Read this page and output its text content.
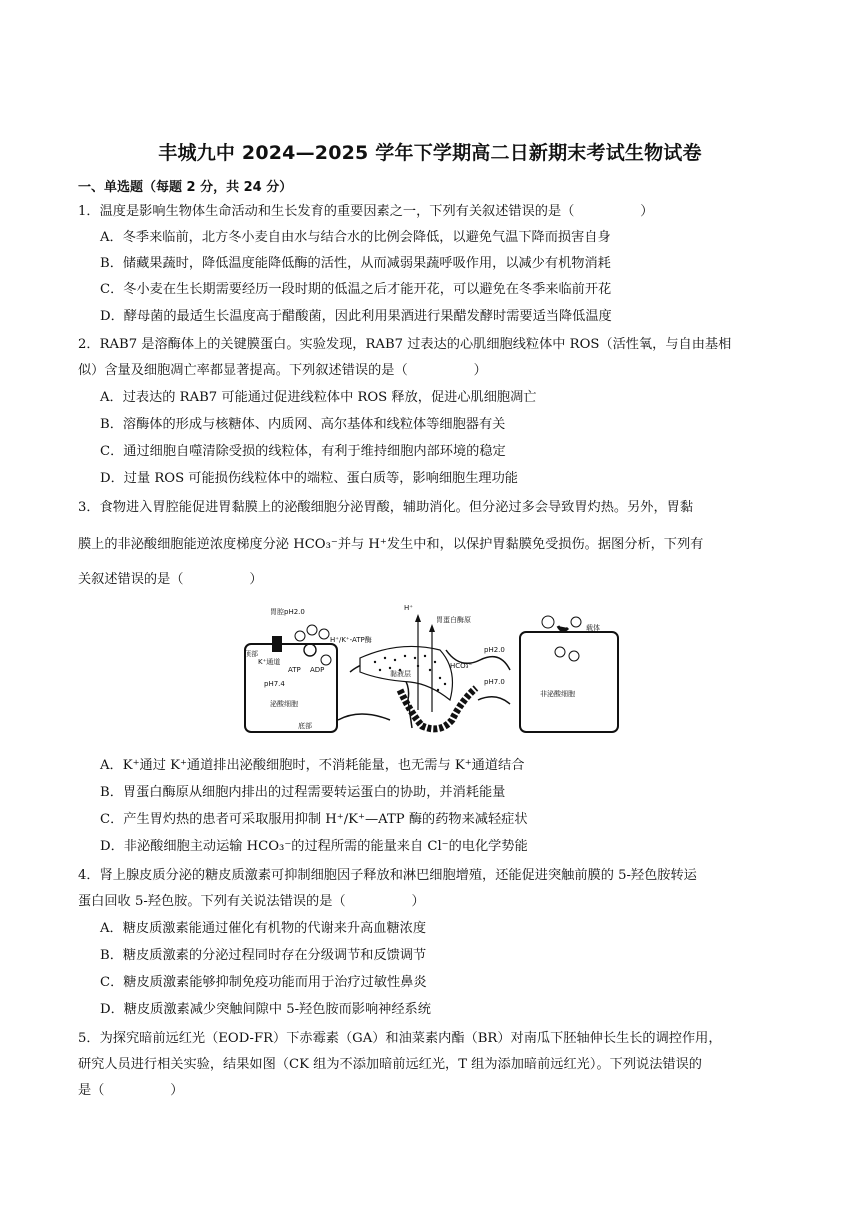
丰城九中 2024—2025 学年下学期高二日新期末考试生物试卷
一、单选题（每题 2 分，共 24 分）
1．温度是影响生物体生命活动和生长发育的重要因素之一，下列有关叙述错误的是（　　　　　）
A．冬季来临前，北方冬小麦自由水与结合水的比例会降低，以避免气温下降而损害自身
B．储藏果蔬时，降低温度能降低酶的活性，从而减弱果蔬呼吸作用，以减少有机物消耗
C．冬小麦在生长期需要经历一段时期的低温之后才能开花，可以避免在冬季来临前开花
D．酵母菌的最适生长温度高于醋酸菌，因此利用果酒进行果醋发酵时需要适当降低温度
2．RAB7 是溶酶体上的关键膜蛋白。实验发现，RAB7 过表达的心肌细胞线粒体中 ROS（活性氧，与自由基相
似）含量及细胞凋亡率都显著提高。下列叙述错误的是（　　　　　）
A．过表达的 RAB7 可能通过促进线粒体中 ROS 释放，促进心肌细胞凋亡
B．溶酶体的形成与核糖体、内质网、高尔基体和线粒体等细胞器有关
C．通过细胞自噬清除受损的线粒体，有利于维持细胞内部环境的稳定
D．过量 ROS 可能损伤线粒体中的端粒、蛋白质等，影响细胞生理功能
3．食物进入胃腔能促进胃黏膜上的泌酸细胞分泌胃酸，辅助消化。但分泌过多会导致胃灼热。另外，胃黏
膜上的非泌酸细胞能逆浓度梯度分泌 HCO₃⁻并与 H⁺发生中和，以保护胃黏膜免受损伤。据图分析，下列有
关叙述错误的是（　　　　　）
胃腔pH2.0
顶部
K⁺通道
ATP ADP
H⁺/K⁺-ATP酶
pH7.4
泌酸细胞
底部
H⁺
胃蛋白酶原
黏液层
HCO₃⁻
pH2.0
pH7.0
载体
非泌酸细胞
A．K⁺通过 K⁺通道排出泌酸细胞时，不消耗能量，也无需与 K⁺通道结合
B．胃蛋白酶原从细胞内排出的过程需要转运蛋白的协助，并消耗能量
C．产生胃灼热的患者可采取服用抑制 H⁺/K⁺—ATP 酶的药物来减轻症状
D．非泌酸细胞主动运输 HCO₃⁻的过程所需的能量来自 Cl⁻的电化学势能
4．肾上腺皮质分泌的糖皮质激素可抑制细胞因子释放和淋巴细胞增殖，还能促进突触前膜的 5-羟色胺转运
蛋白回收 5-羟色胺。下列有关说法错误的是（　　　　　）
A．糖皮质激素能通过催化有机物的代谢来升高血糖浓度
B．糖皮质激素的分泌过程同时存在分级调节和反馈调节
C．糖皮质激素能够抑制免疫功能而用于治疗过敏性鼻炎
D．糖皮质激素减少突触间隙中 5-羟色胺而影响神经系统
5．为探究暗前远红光（EOD-FR）下赤霉素（GA）和油菜素内酯（BR）对南瓜下胚轴伸长生长的调控作用，
研究人员进行相关实验，结果如图（CK 组为不添加暗前远红光，T 组为添加暗前远红光）。下列说法错误的
是（　　　　　）
